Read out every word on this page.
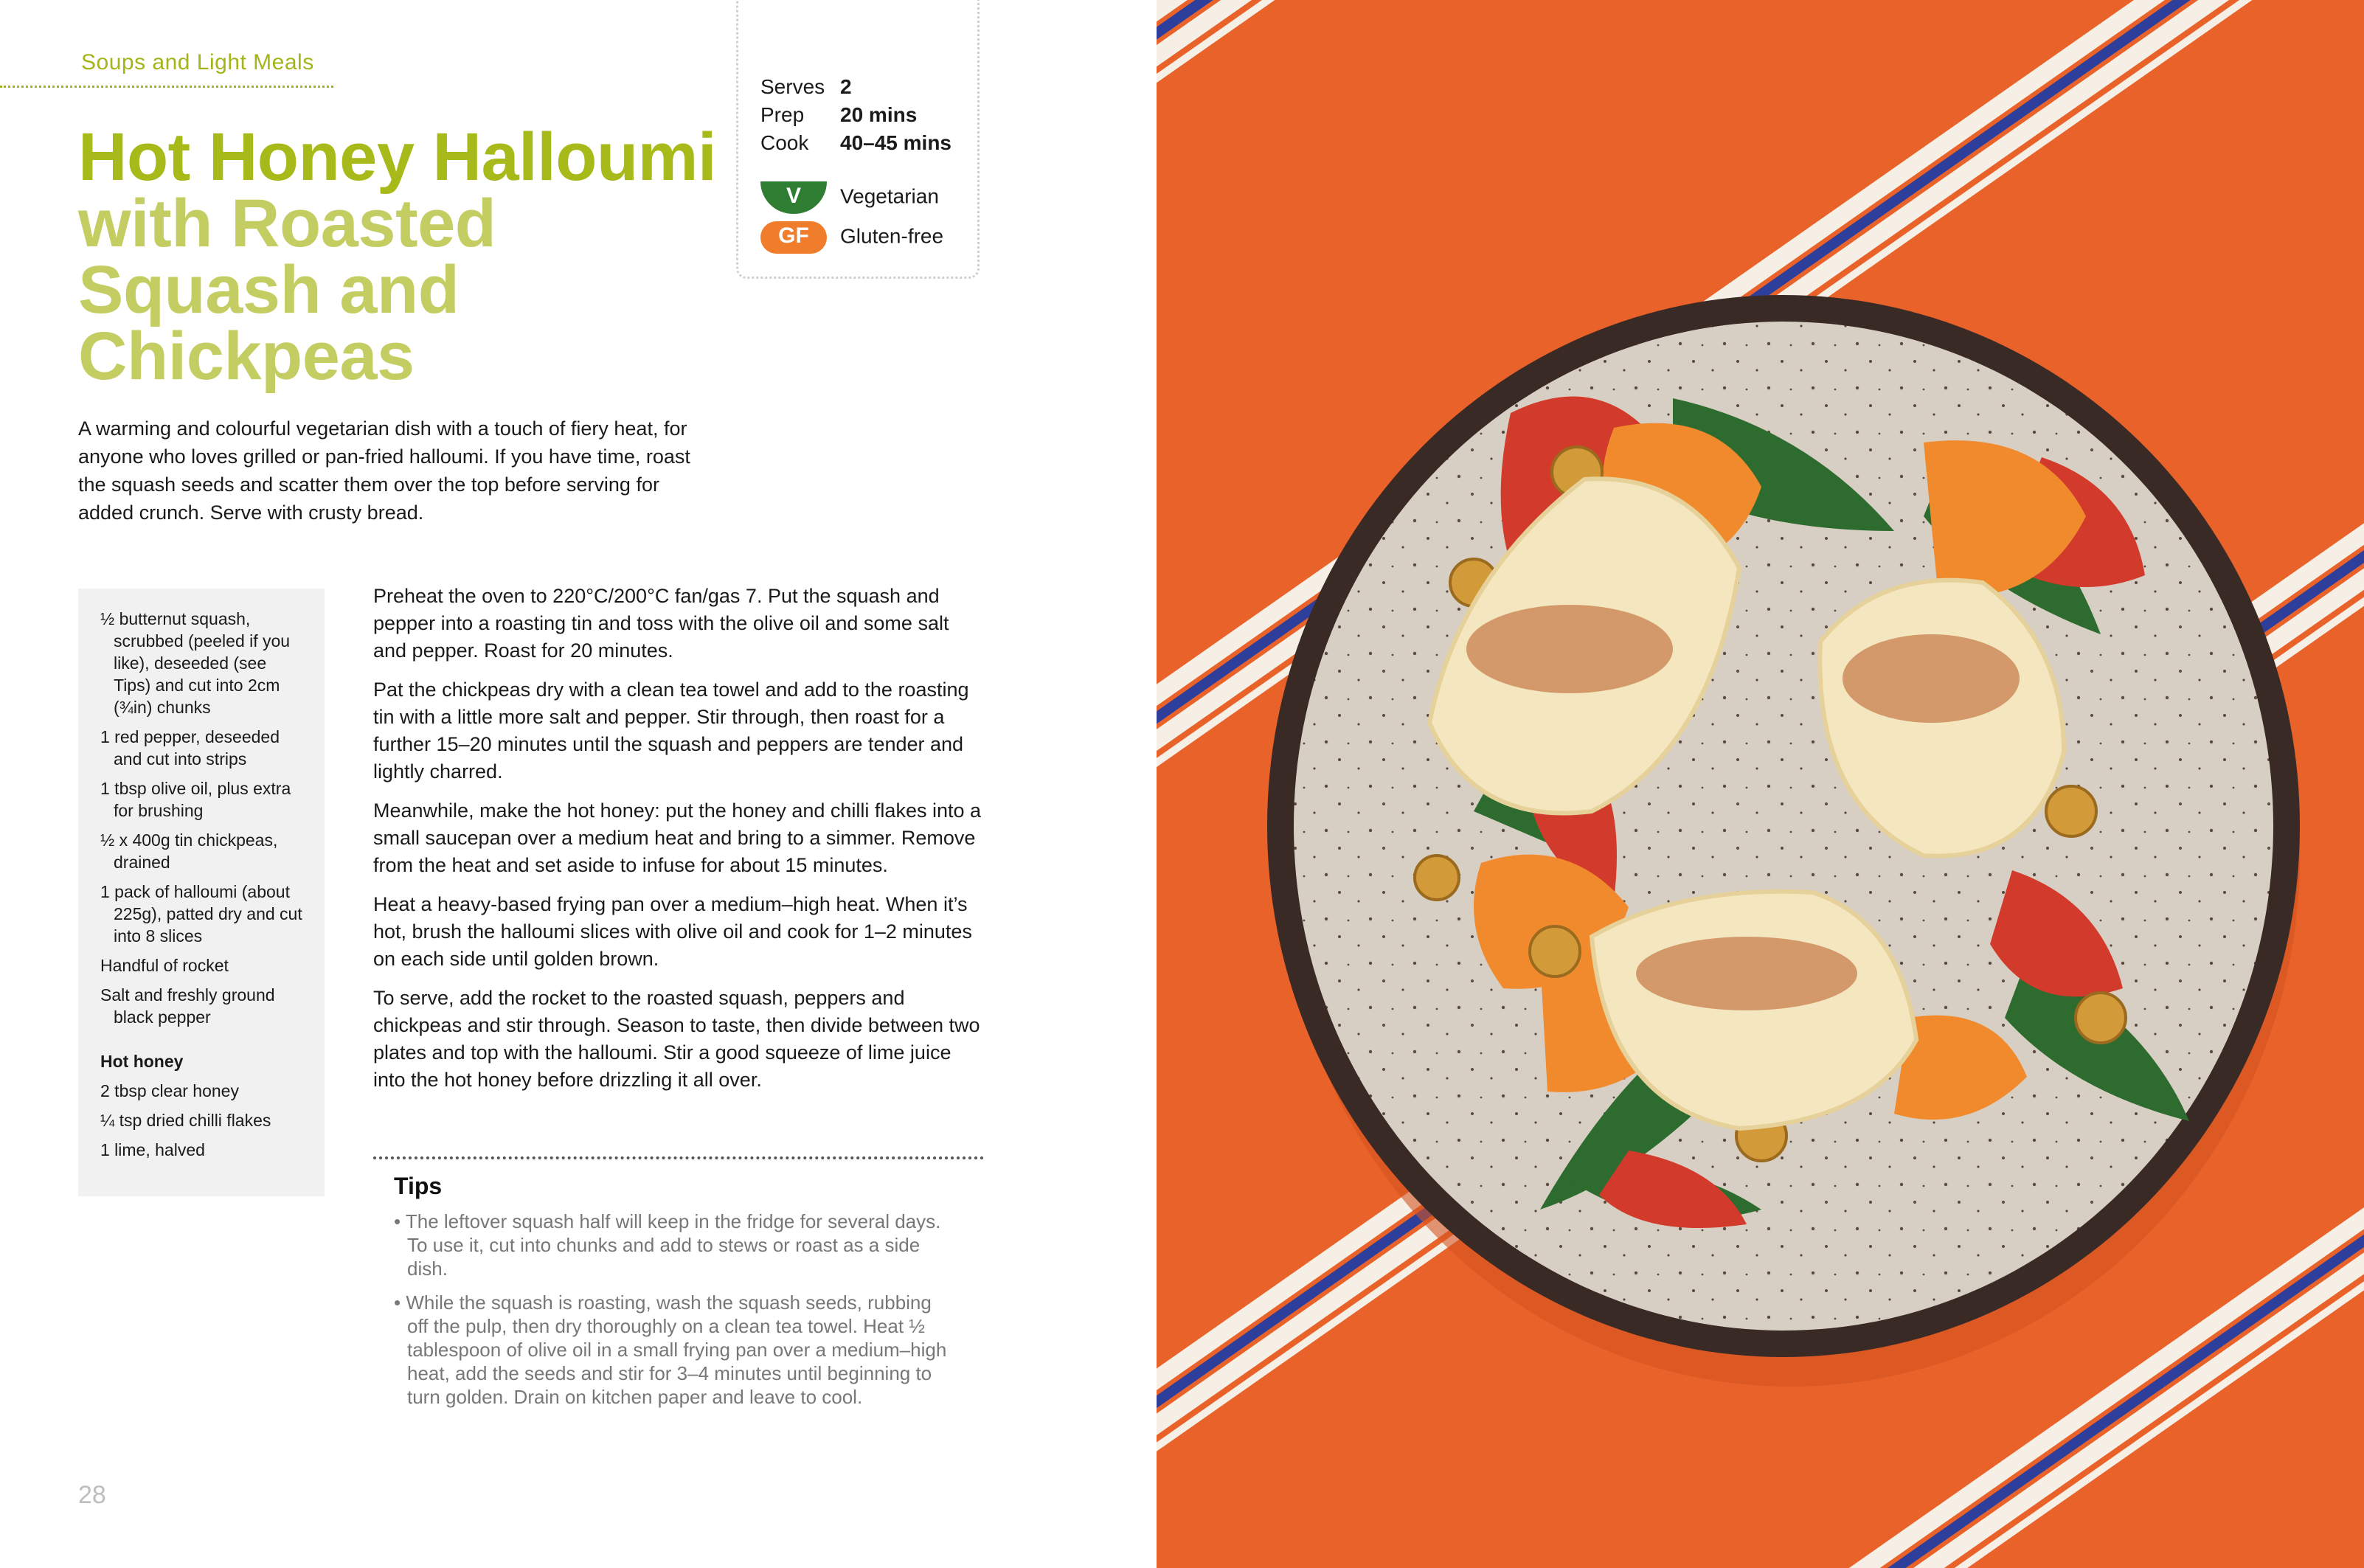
Soups and Light Meals
Hot Honey Halloumi with Roasted Squash and Chickpeas
Serves 2
Prep 20 mins
Cook 40–45 mins
V Vegetarian
GF Gluten-free
A warming and colourful vegetarian dish with a touch of fiery heat, for anyone who loves grilled or pan-fried halloumi. If you have time, roast the squash seeds and scatter them over the top before serving for added crunch. Serve with crusty bread.
½ butternut squash, scrubbed (peeled if you like), deseeded (see Tips) and cut into 2cm (¾in) chunks
1 red pepper, deseeded and cut into strips
1 tbsp olive oil, plus extra for brushing
½ x 400g tin chickpeas, drained
1 pack of halloumi (about 225g), patted dry and cut into 8 slices
Handful of rocket
Salt and freshly ground black pepper
Hot honey
2 tbsp clear honey
¼ tsp dried chilli flakes
1 lime, halved

Preheat the oven to 220°C/200°C fan/gas 7. Put the squash and pepper into a roasting tin and toss with the olive oil and some salt and pepper. Roast for 20 minutes.

Pat the chickpeas dry with a clean tea towel and add to the roasting tin with a little more salt and pepper. Stir through, then roast for a further 15–20 minutes until the squash and peppers are tender and lightly charred.

Meanwhile, make the hot honey: put the honey and chilli flakes into a small saucepan over a medium heat and bring to a simmer. Remove from the heat and set aside to infuse for about 15 minutes.

Heat a heavy-based frying pan over a medium–high heat. When it’s hot, brush the halloumi slices with olive oil and cook for 1–2 minutes on each side until golden brown.

To serve, add the rocket to the roasted squash, peppers and chickpeas and stir through. Season to taste, then divide between two plates and top with the halloumi. Stir a good squeeze of lime juice into the hot honey before drizzling it all over.

Tips
• The leftover squash half will keep in the fridge for several days. To use it, cut into chunks and add to stews or roast as a side dish.
• While the squash is roasting, wash the squash seeds, rubbing off the pulp, then dry thoroughly on a clean tea towel. Heat ½ tablespoon of olive oil in a small frying pan over a medium–high heat, add the seeds and stir for 3–4 minutes until beginning to turn golden. Drain on kitchen paper and leave to cool.
28
